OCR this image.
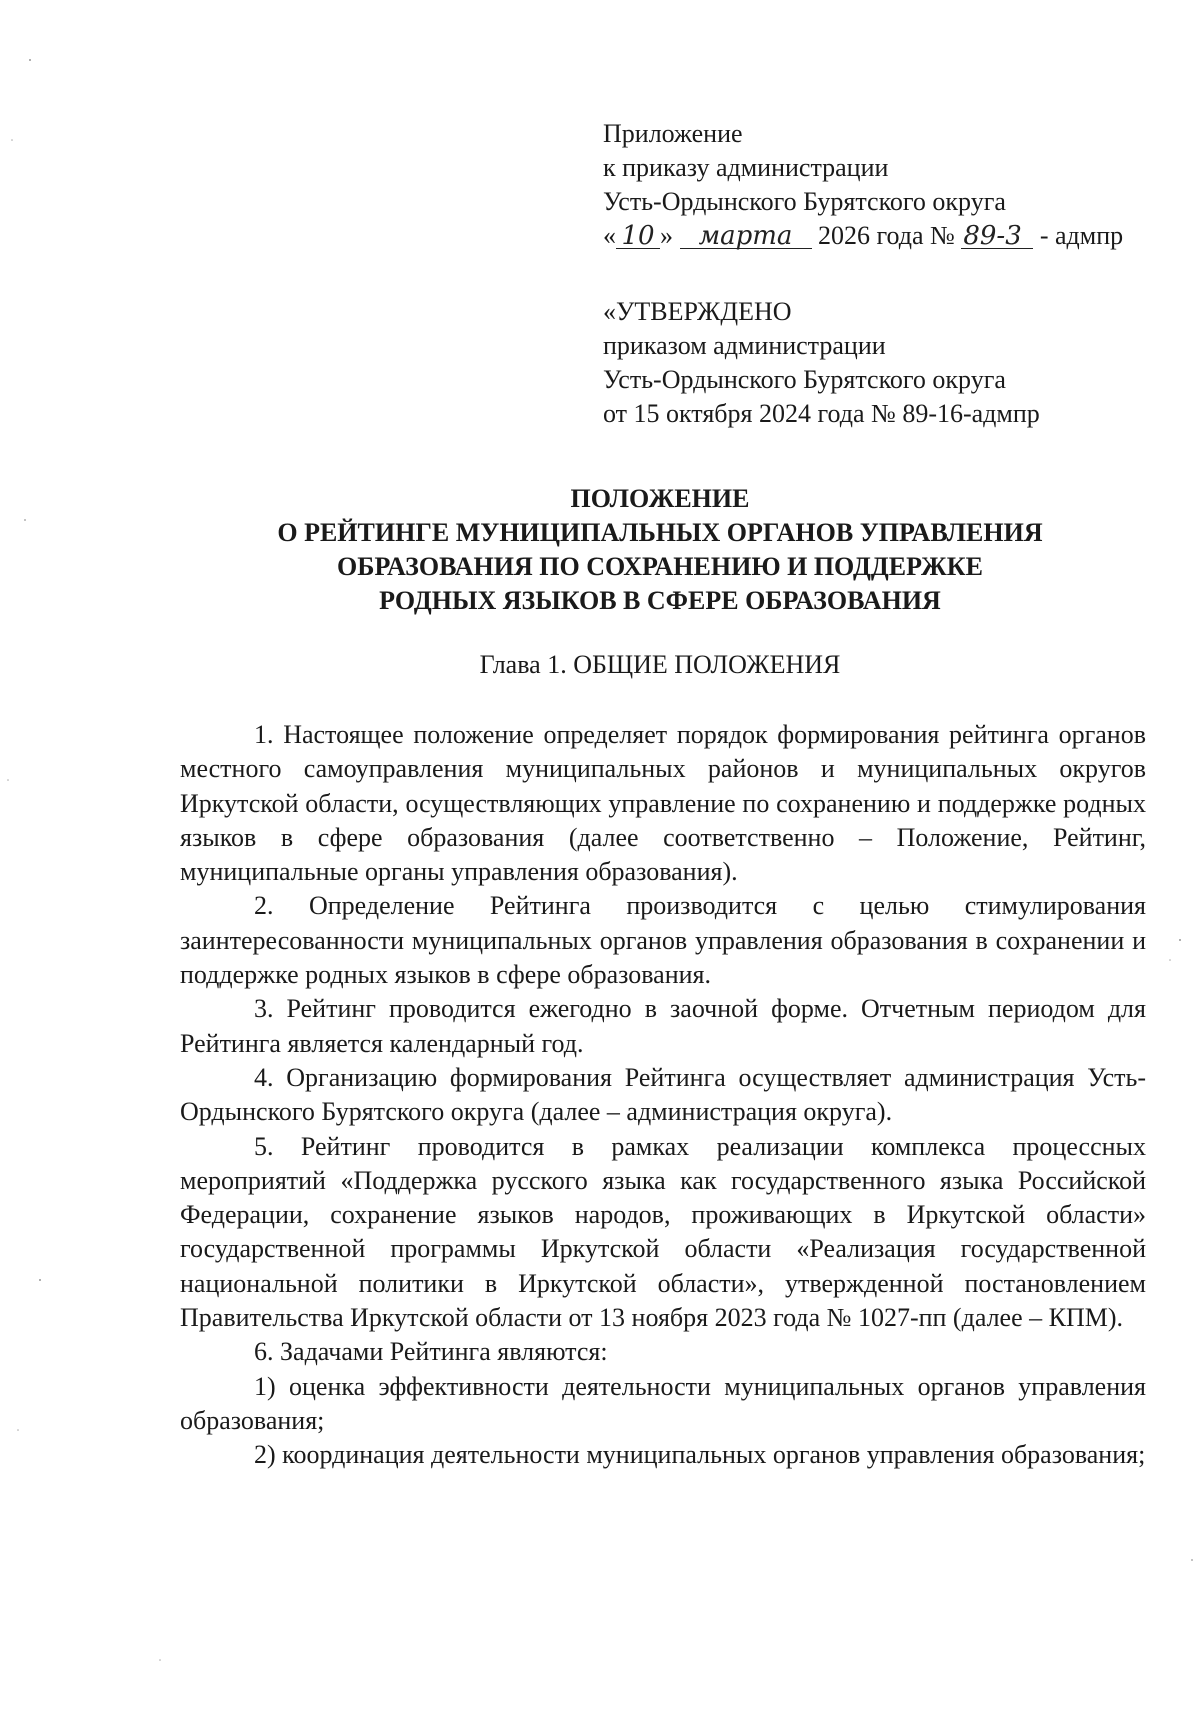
Приложение
к приказу администрации
Усть-Ордынского Бурятского округа
« 10 » марта 2026 года № 89-3 - адмпр
«УТВЕРЖДЕНО
приказом администрации
Усть-Ордынского Бурятского округа
от 15 октября 2024 года № 89-16-адмпр
ПОЛОЖЕНИЕ
О РЕЙТИНГЕ МУНИЦИПАЛЬНЫХ ОРГАНОВ УПРАВЛЕНИЯ
ОБРАЗОВАНИЯ ПО СОХРАНЕНИЮ И ПОДДЕРЖКЕ
РОДНЫХ ЯЗЫКОВ В СФЕРЕ ОБРАЗОВАНИЯ
Глава 1. ОБЩИЕ ПОЛОЖЕНИЯ

1. Настоящее положение определяет порядок формирования рейтинга органов местного самоуправления муниципальных районов и муниципальных округов Иркутской области, осуществляющих управление по сохранению и поддержке родных языков в сфере образования (далее соответственно – Положение, Рейтинг, муниципальные органы управления образования).

2. Определение Рейтинга производится с целью стимулирования заинтересованности муниципальных органов управления образования в сохранении и поддержке родных языков в сфере образования.

3. Рейтинг проводится ежегодно в заочной форме. Отчетным периодом для Рейтинга является календарный год.

4. Организацию формирования Рейтинга осуществляет администрация Усть-Ордынского Бурятского округа (далее – администрация округа).

5. Рейтинг проводится в рамках реализации комплекса процессных мероприятий «Поддержка русского языка как государственного языка Российской Федерации, сохранение языков народов, проживающих в Иркутской области» государственной программы Иркутской области «Реализация государственной национальной политики в Иркутской области», утвержденной постановлением Правительства Иркутской области от 13 ноября 2023 года № 1027-пп (далее – КПМ).

6. Задачами Рейтинга являются:

1) оценка эффективности деятельности муниципальных органов управления образования;

2) координация деятельности муниципальных органов управления образования;
